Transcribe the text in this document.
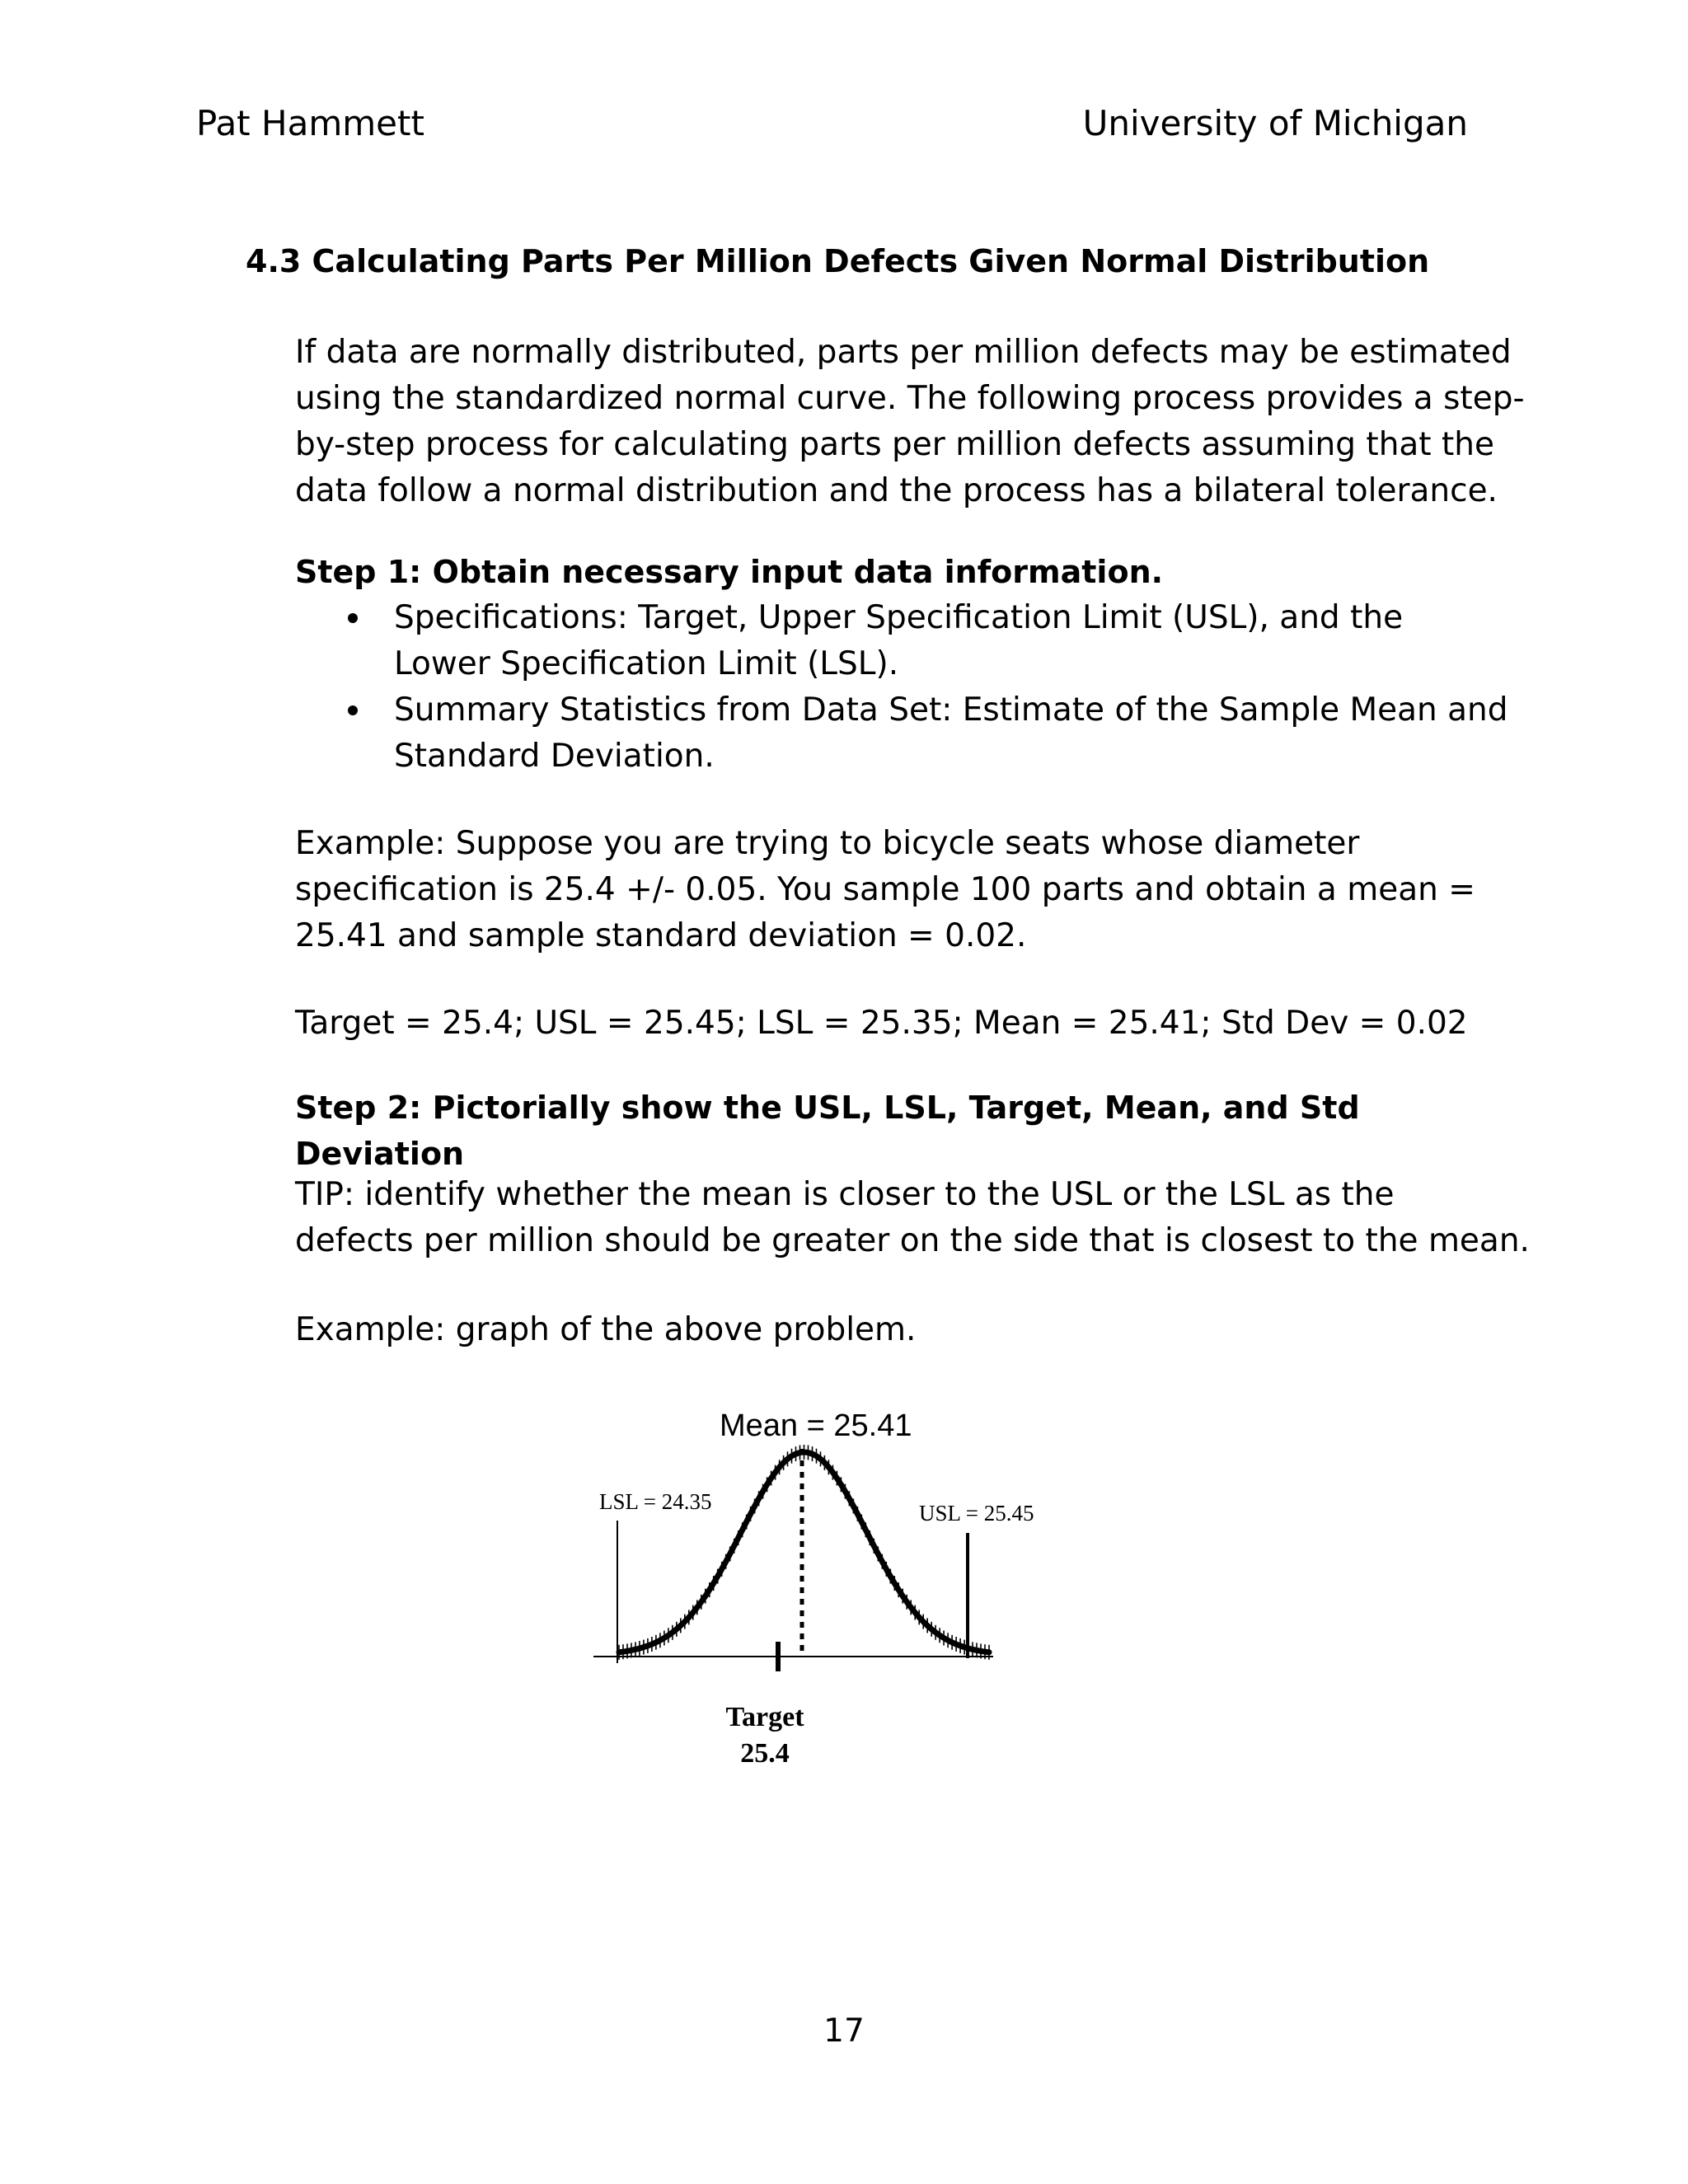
Pat Hammett	University of Michigan
4.3 Calculating Parts Per Million Defects Given Normal Distribution

If data are normally distributed, parts per million defects may be estimated
using the standardized normal curve. The following process provides a step-
by-step process for calculating parts per million defects assuming that the
data follow a normal distribution and the process has a bilateral tolerance.

Step 1: Obtain necessary input data information.

Specifications: Target, Upper Specification Limit (USL), and the
Lower Specification Limit (LSL).
Summary Statistics from Data Set: Estimate of the Sample Mean and
Standard Deviation.

Example: Suppose you are trying to bicycle seats whose diameter
specification is 25.4 +/- 0.05. You sample 100 parts and obtain a mean =
25.41 and sample standard deviation = 0.02.

Target = 25.4; USL = 25.45; LSL = 25.35; Mean = 25.41; Std Dev = 0.02

Step 2: Pictorially show the USL, LSL, Target, Mean, and Std Deviation

TIP: identify whether the mean is closer to the USL or the LSL as the
defects per million should be greater on the side that is closest to the mean.

Example: graph of the above problem.

Mean = 25.41
LSL = 24.35	USL = 25.45
Target
25.4
17
